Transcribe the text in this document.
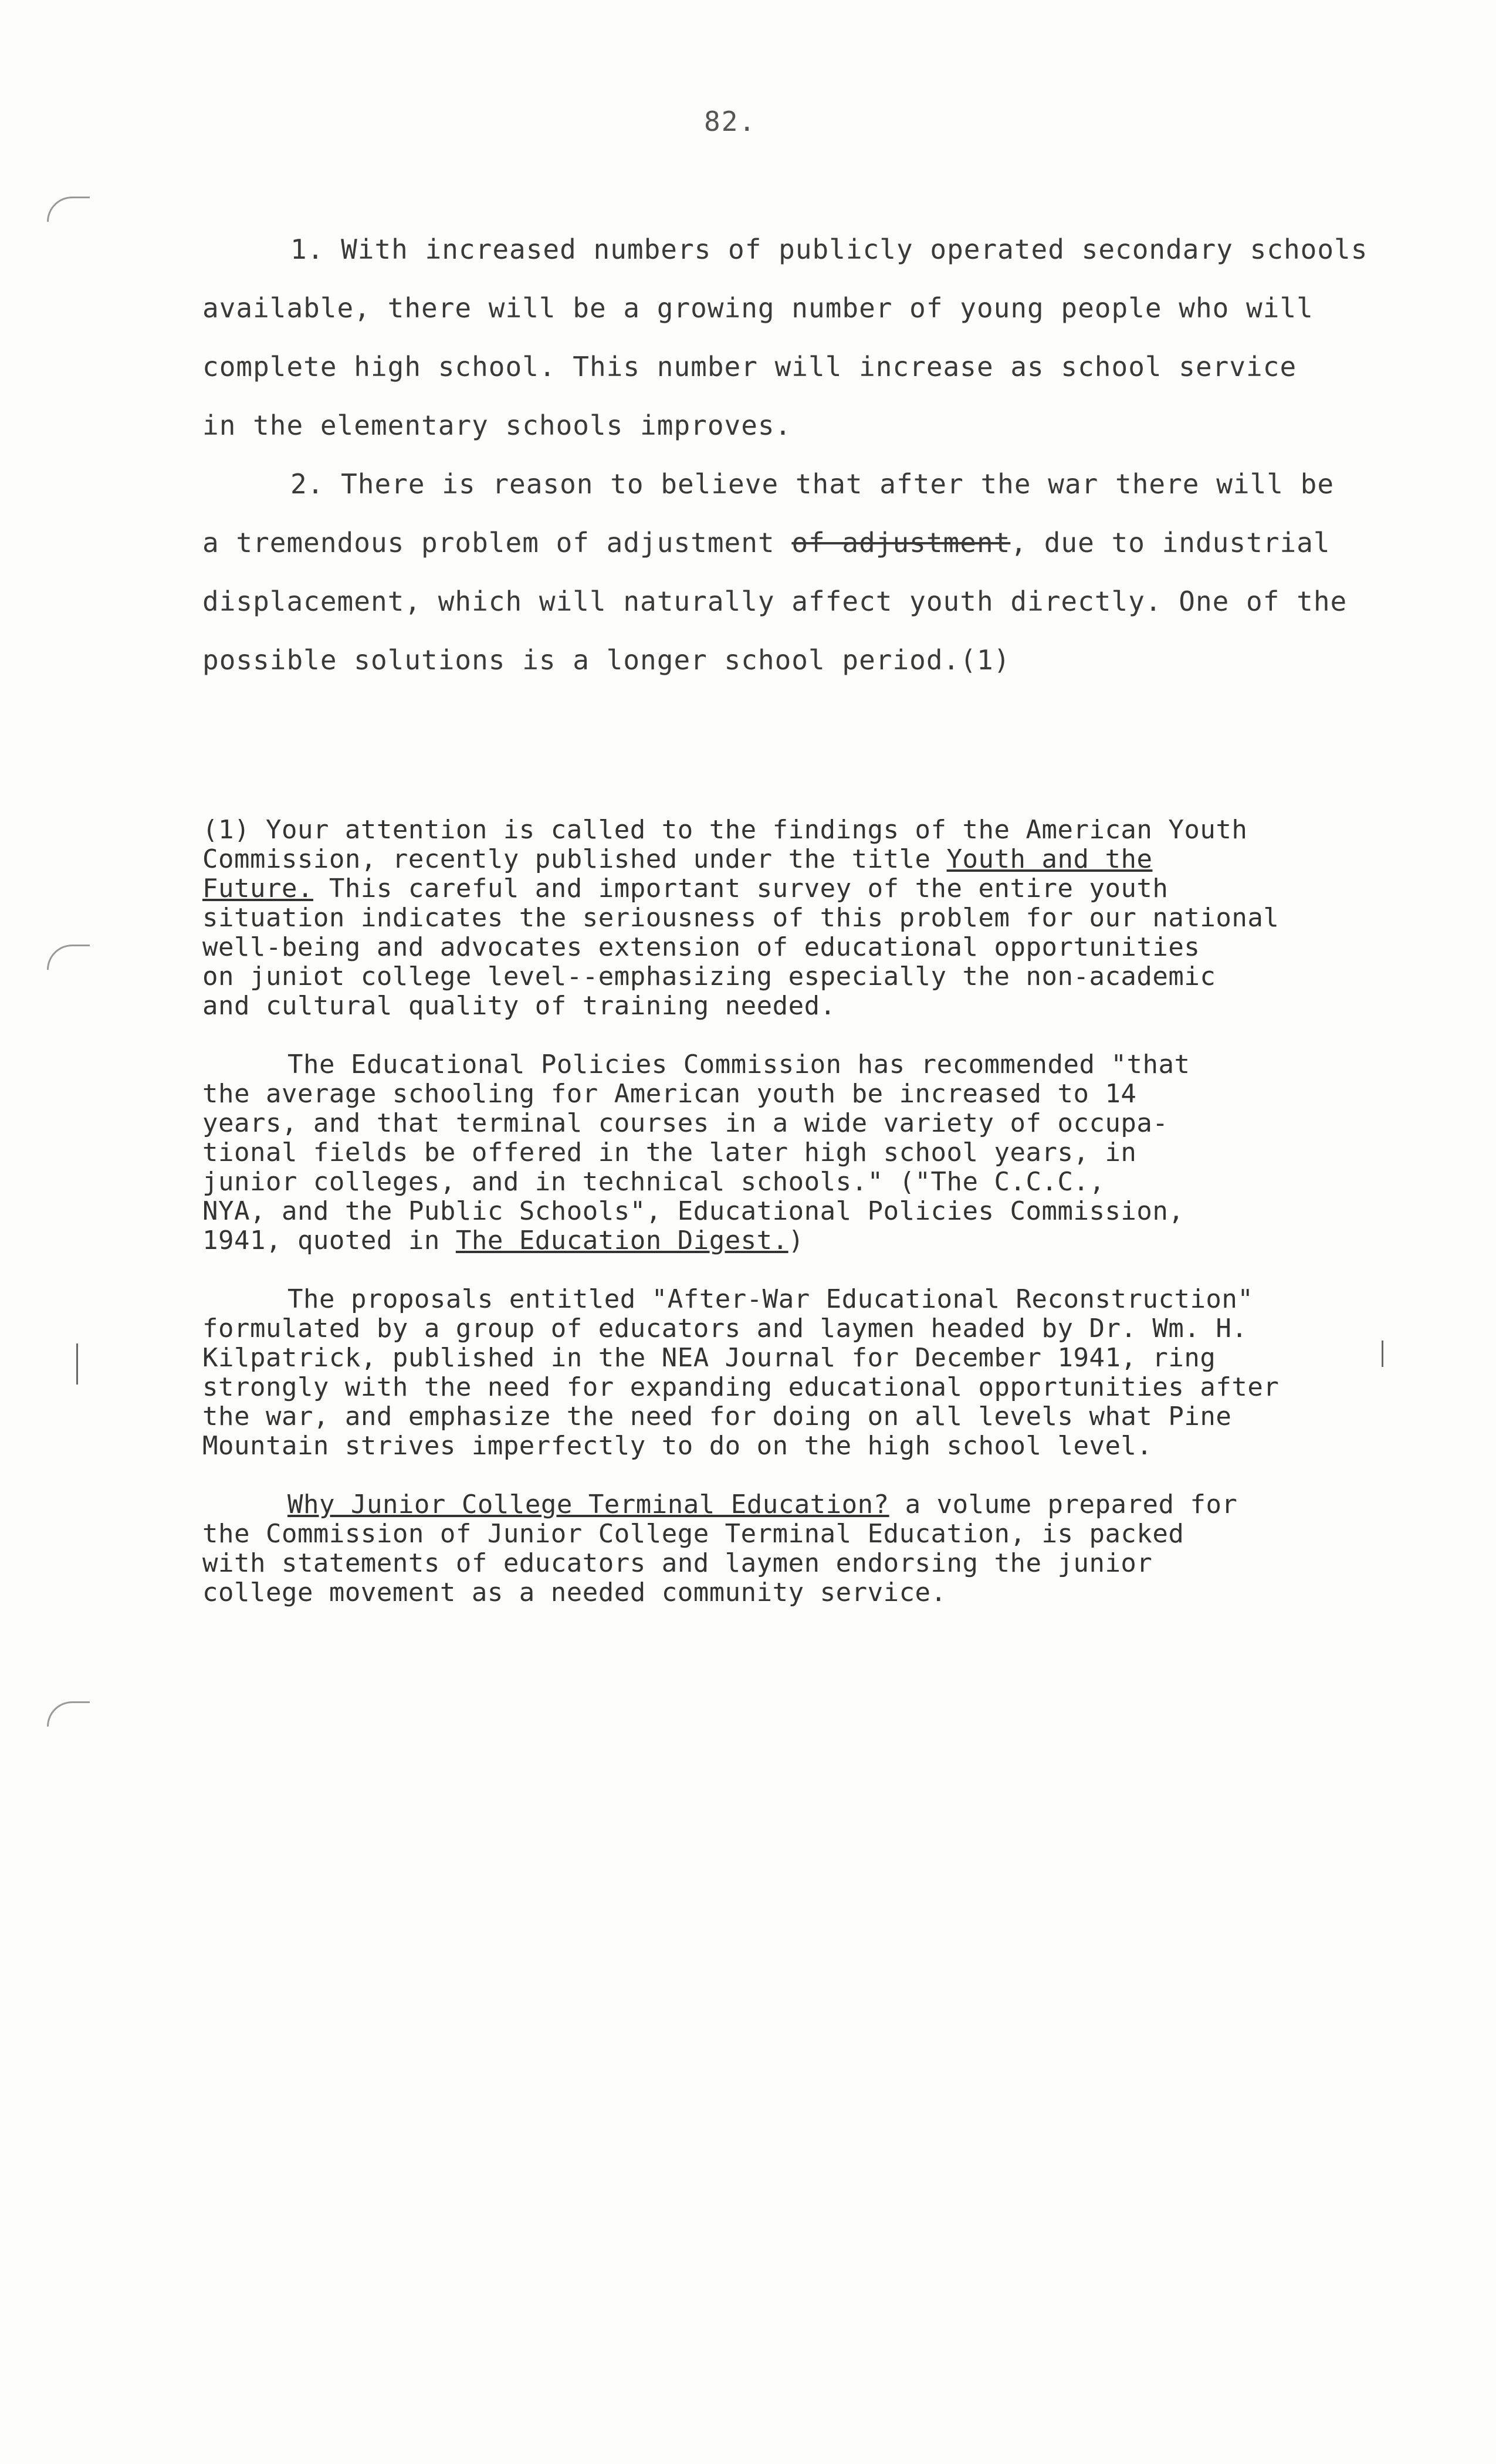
82.
1. With increased numbers of publicly operated secondary schools
available, there will be a growing number of young people who will
complete high school. This number will increase as school service
in the elementary schools improves.
2. There is reason to believe that after the war there will be
a tremendous problem of adjustment of adjustment, due to industrial
displacement, which will naturally affect youth directly. One of the
possible solutions is a longer school period.(1)
(1) Your attention is called to the findings of the American Youth
Commission, recently published under the title Youth and the
Future. This careful and important survey of the entire youth
situation indicates the seriousness of this problem for our national
well-being and advocates extension of educational opportunities
on juniot college level--emphasizing especially the non-academic
and cultural quality of training needed.
The Educational Policies Commission has recommended "that
the average schooling for American youth be increased to 14
years, and that terminal courses in a wide variety of occupa-
tional fields be offered in the later high school years, in
junior colleges, and in technical schools." ("The C.C.C.,
NYA, and the Public Schools", Educational Policies Commission,
1941, quoted in The Education Digest.)
The proposals entitled "After-War Educational Reconstruction"
formulated by a group of educators and laymen headed by Dr. Wm. H.
Kilpatrick, published in the NEA Journal for December 1941, ring
strongly with the need for expanding educational opportunities after
the war, and emphasize the need for doing on all levels what Pine
Mountain strives imperfectly to do on the high school level.
Why Junior College Terminal Education? a volume prepared for
the Commission of Junior College Terminal Education, is packed
with statements of educators and laymen endorsing the junior
college movement as a needed community service.
